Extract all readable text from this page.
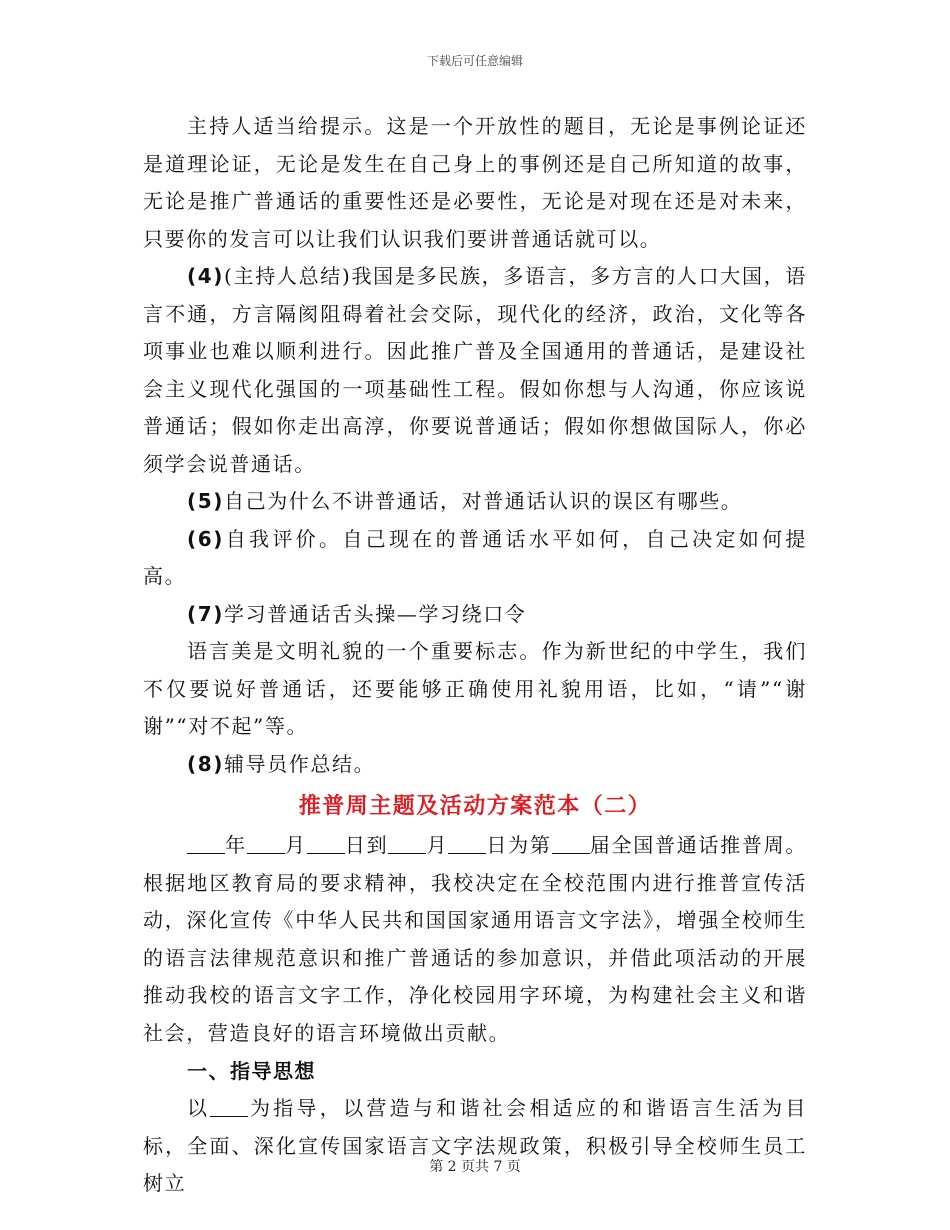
下载后可任意编辑

主持人适当给提示。这是一个开放性的题目，无论是事例论证还是道理论证，无论是发生在自己身上的事例还是自己所知道的故事，无论是推广普通话的重要性还是必要性，无论是对现在还是对未来，只要你的发言可以让我们认识我们要讲普通话就可以。

(4)(主持人总结)我国是多民族，多语言，多方言的人口大国，语言不通，方言隔阂阻碍着社会交际，现代化的经济，政治，文化等各项事业也难以顺利进行。因此推广普及全国通用的普通话，是建设社会主义现代化强国的一项基础性工程。假如你想与人沟通，你应该说普通话；假如你走出高淳，你要说普通话；假如你想做国际人，你必须学会说普通话。

(5)自己为什么不讲普通话，对普通话认识的误区有哪些。

(6)自我评价。自己现在的普通话水平如何，自己决定如何提高。

(7)学习普通话舌头操—学习绕口令

语言美是文明礼貌的一个重要标志。作为新世纪的中学生，我们不仅要说好普通话，还要能够正确使用礼貌用语，比如，“请”“谢谢”“对不起”等。

(8)辅导员作总结。

推普周主题及活动方案范本（二）

年 月 日到 月 日为第 届全国普通话推普周。根据地区教育局的要求精神，我校决定在全校范围内进行推普宣传活动，深化宣传《中华人民共和国国家通用语言文字法》，增强全校师生的语言法律规范意识和推广普通话的参加意识，并借此项活动的开展推动我校的语言文字工作，净化校园用字环境，为构建社会主义和谐社会，营造良好的语言环境做出贡献。

一、指导思想

以 为指导，以营造与和谐社会相适应的和谐语言生活为目标，全面、深化宣传国家语言文字法规政策，积极引导全校师生员工树立

第 2 页共 7 页
